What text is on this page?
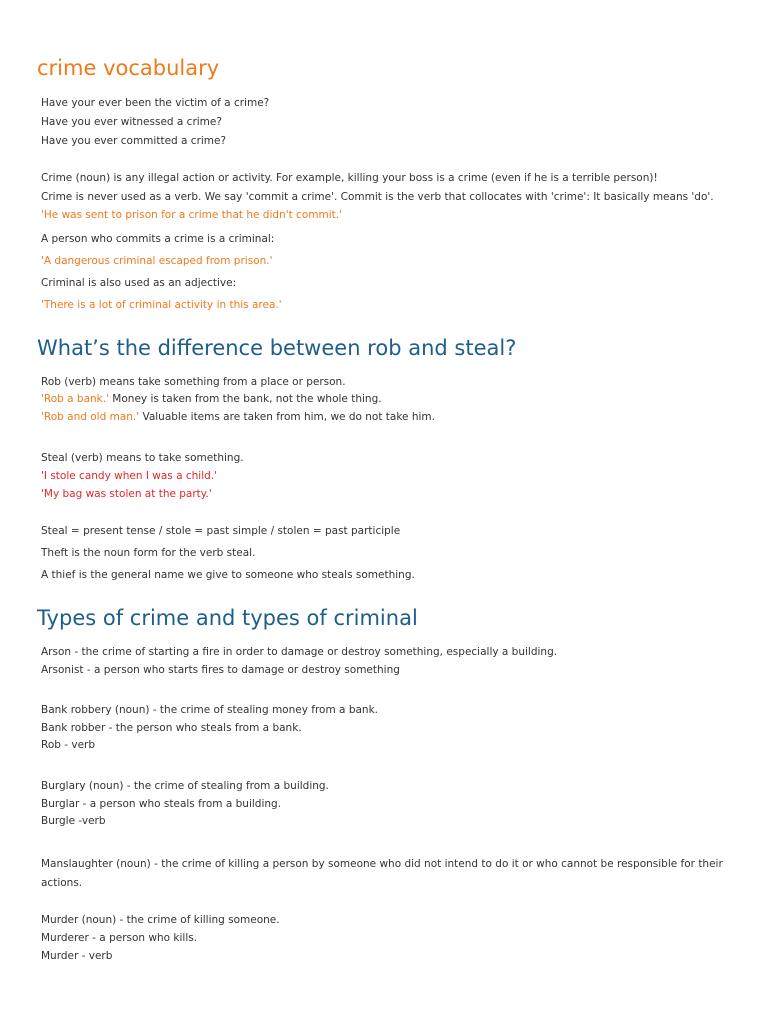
crime vocabulary

Have your ever been the victim of a crime?

Have you ever witnessed a crime?

Have you ever committed a crime?

Crime (noun) is any illegal action or activity. For example, killing your boss is a crime (even if he is a terrible person)!

Crime is never used as a verb. We say 'commit a crime'. Commit is the verb that collocates with 'crime': It basically means 'do'.

'He was sent to prison for a crime that he didn't commit.'

A person who commits a crime is a criminal:

'A dangerous criminal escaped from prison.'

Criminal is also used as an adjective:

'There is a lot of criminal activity in this area.'

What’s the difference between rob and steal?

Rob (verb) means take something from a place or person.

'Rob a bank.' Money is taken from the bank, not the whole thing.

'Rob and old man.' Valuable items are taken from him, we do not take him.

Steal (verb) means to take something.

'I stole candy when I was a child.'

'My bag was stolen at the party.'

Steal = present tense / stole = past simple / stolen = past participle

Theft is the noun form for the verb steal.

A thief is the general name we give to someone who steals something.

Types of crime and types of criminal

Arson - the crime of starting a fire in order to damage or destroy something, especially a building.

Arsonist - a person who starts fires to damage or destroy something

Bank robbery (noun) - the crime of stealing money from a bank.

Bank robber - the person who steals from a bank.

Rob - verb

Burglary (noun) - the crime of stealing from a building.

Burglar - a person who steals from a building.

Burgle -verb

Manslaughter (noun) - the crime of killing a person by someone who did not intend to do it or who cannot be responsible for their actions.

Murder (noun) - the crime of killing someone.

Murderer - a person who kills.

Murder - verb
